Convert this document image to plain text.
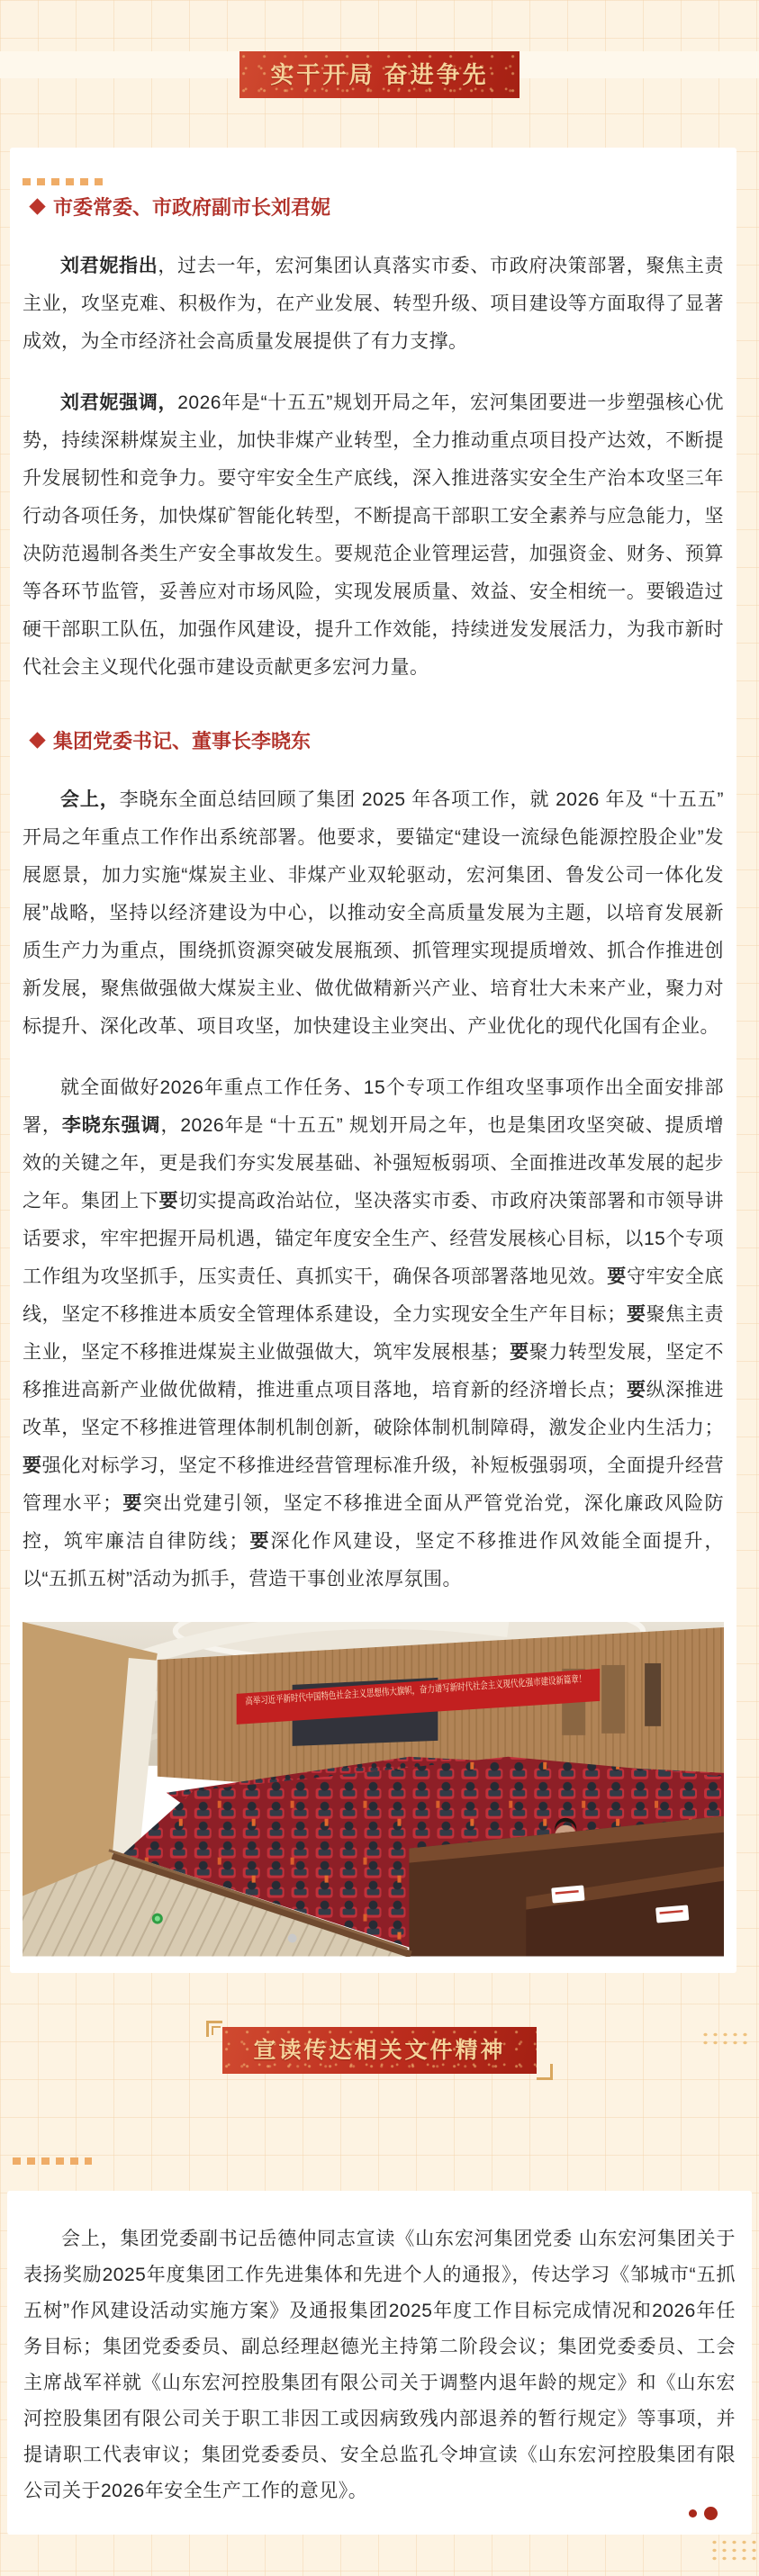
实干开局 奋进争先
市委常委、市政府副市长刘君妮

刘君妮指出，过去一年，宏河集团认真落实市委、市政府决策部署，聚焦主责主业，攻坚克难、积极作为，在产业发展、转型升级、项目建设等方面取得了显著成效，为全市经济社会高质量发展提供了有力支撑。

刘君妮强调，2026年是“十五五”规划开局之年，宏河集团要进一步塑强核心优势，持续深耕煤炭主业，加快非煤产业转型，全力推动重点项目投产达效，不断提升发展韧性和竞争力。要守牢安全生产底线，深入推进落实安全生产治本攻坚三年行动各项任务，加快煤矿智能化转型，不断提高干部职工安全素养与应急能力，坚决防范遏制各类生产安全事故发生。要规范企业管理运营，加强资金、财务、预算等各环节监管，妥善应对市场风险，实现发展质量、效益、安全相统一。要锻造过硬干部职工队伍，加强作风建设，提升工作效能，持续迸发发展活力，为我市新时代社会主义现代化强市建设贡献更多宏河力量。

集团党委书记、董事长李晓东

会上，李晓东全面总结回顾了集团 2025 年各项工作，就 2026 年及 “十五五” 开局之年重点工作作出系统部署。他要求，要锚定“建设一流绿色能源控股企业”发展愿景，加力实施“煤炭主业、非煤产业双轮驱动，宏河集团、鲁发公司一体化发展”战略，坚持以经济建设为中心，以推动安全高质量发展为主题，以培育发展新质生产力为重点，围绕抓资源突破发展瓶颈、抓管理实现提质增效、抓合作推进创新发展，聚焦做强做大煤炭主业、做优做精新兴产业、培育壮大未来产业，聚力对标提升、深化改革、项目攻坚，加快建设主业突出、产业优化的现代化国有企业。

就全面做好2026年重点工作任务、15个专项工作组攻坚事项作出全面安排部署，李晓东强调，2026年是 “十五五” 规划开局之年，也是集团攻坚突破、提质增效的关键之年，更是我们夯实发展基础、补强短板弱项、全面推进改革发展的起步之年。集团上下要切实提高政治站位，坚决落实市委、市政府决策部署和市领导讲话要求，牢牢把握开局机遇，锚定年度安全生产、经营发展核心目标，以15个专项工作组为攻坚抓手，压实责任、真抓实干，确保各项部署落地见效。要守牢安全底线，坚定不移推进本质安全管理体系建设，全力实现安全生产年目标；要聚焦主责主业，坚定不移推进煤炭主业做强做大，筑牢发展根基；要聚力转型发展，坚定不移推进高新产业做优做精，推进重点项目落地，培育新的经济增长点；要纵深推进改革，坚定不移推进管理体制机制创新，破除体制机制障碍，激发企业内生活力；要强化对标学习，坚定不移推进经营管理标准升级，补短板强弱项，全面提升经营管理水平；要突出党建引领，坚定不移推进全面从严管党治党，深化廉政风险防控，筑牢廉洁自律防线；要深化作风建设，坚定不移推进作风效能全面提升，以“五抓五树”活动为抓手，营造干事创业浓厚氛围。

高举习近平新时代中国特色社会主义思想伟大旗帜，奋力谱写新时代社会主义现代化强市建设新篇章！
宣读传达相关文件精神

会上，集团党委副书记岳德仲同志宣读《山东宏河集团党委 山东宏河集团关于表扬奖励2025年度集团工作先进集体和先进个人的通报》，传达学习《邹城市“五抓五树”作风建设活动实施方案》及通报集团2025年度工作目标完成情况和2026年任务目标；集团党委委员、副总经理赵德光主持第二阶段会议；集团党委委员、工会主席战军祥就《山东宏河控股集团有限公司关于调整内退年龄的规定》和《山东宏河控股集团有限公司关于职工非因工或因病致残内部退养的暂行规定》等事项，并提请职工代表审议；集团党委委员、安全总监孔令坤宣读《山东宏河控股集团有限公司关于2026年安全生产工作的意见》。
